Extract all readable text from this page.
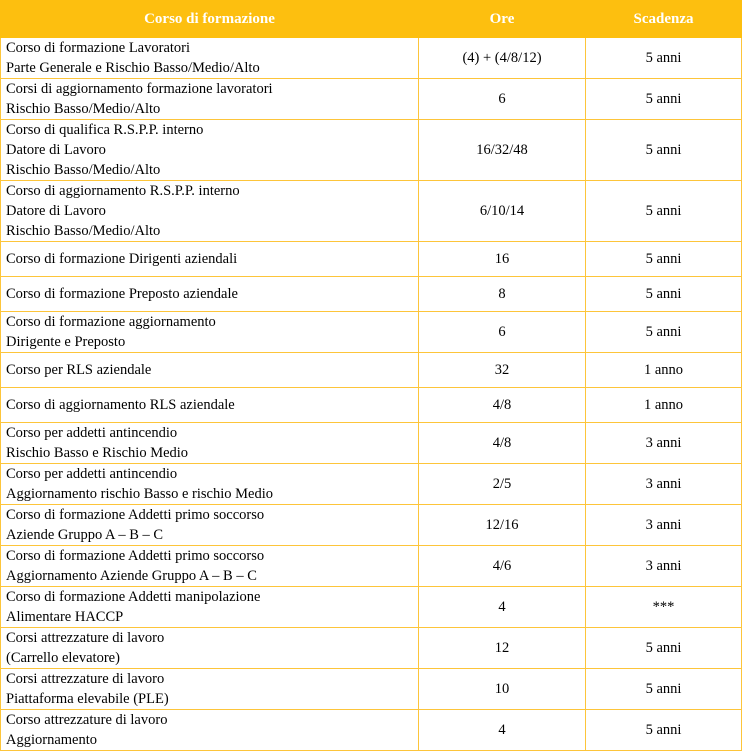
Corso di formazione	Ore	Scadenza

Corso di formazione Lavoratori
Parte Generale e Rischio Basso/Medio/Alto	(4) + (4/8/12)	5 anni

Corsi di aggiornamento formazione lavoratori
Rischio Basso/Medio/Alto	6	5 anni

Corso di qualifica R.S.P.P. interno
Datore di Lavoro
Rischio Basso/Medio/Alto	16/32/48	5 anni

Corso di aggiornamento R.S.P.P. interno
Datore di Lavoro
Rischio Basso/Medio/Alto	6/10/14	5 anni

Corso di formazione Dirigenti aziendali	16	5 anni

Corso di formazione Preposto aziendale	8	5 anni

Corso di formazione aggiornamento
Dirigente e Preposto	6	5 anni

Corso per RLS aziendale	32	1 anno

Corso di aggiornamento RLS aziendale	4/8	1 anno

Corso per addetti antincendio
Rischio Basso e Rischio Medio	4/8	3 anni

Corso per addetti antincendio
Aggiornamento rischio Basso e rischio Medio	2/5	3 anni

Corso di formazione Addetti primo soccorso
Aziende Gruppo A – B – C	12/16	3 anni

Corso di formazione Addetti primo soccorso
Aggiornamento Aziende Gruppo A – B – C	4/6	3 anni

Corso di formazione Addetti manipolazione
Alimentare HACCP	4	***

Corsi attrezzature di lavoro
(Carrello elevatore)	12	5 anni

Corsi attrezzature di lavoro
Piattaforma elevabile (PLE)	10	5 anni

Corso attrezzature di lavoro
Aggiornamento	4	5 anni
